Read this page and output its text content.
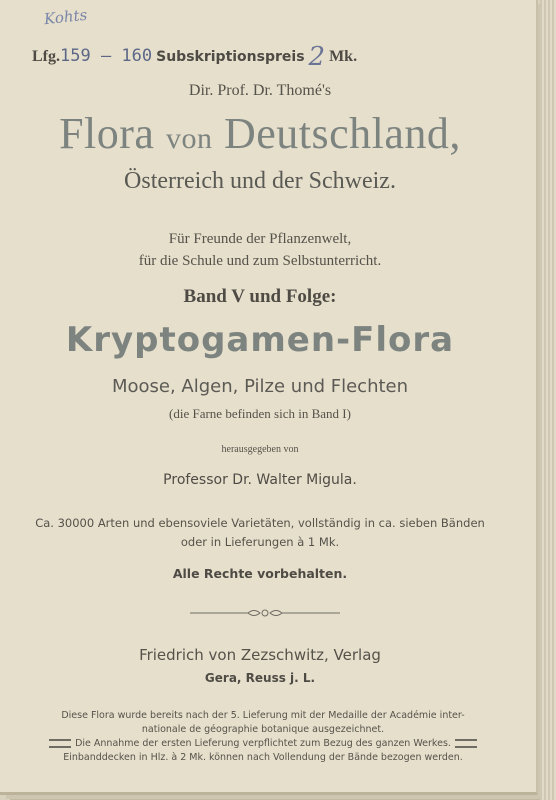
Kohts
Lfg.159 — 160 Subskriptionspreis 2 Mk.
Dir. Prof. Dr. Thomé's
Flora von Deutschland,
Österreich und der Schweiz.
Für Freunde der Pflanzenwelt,
für die Schule und zum Selbstunterricht.
Band V und Folge:
Kryptogamen-Flora
Moose, Algen, Pilze und Flechten
(die Farne befinden sich in Band I)
herausgegeben von
Professor Dr. Walter Migula.
Ca. 30000 Arten und ebensoviele Varietäten, vollständig in ca. sieben Bänden
oder in Lieferungen à 1 Mk.
Alle Rechte vorbehalten.
Friedrich von Zezschwitz, Verlag
Gera, Reuss j. L.
Diese Flora wurde bereits nach der 5. Lieferung mit der Medaille der Académie inter-
nationale de géographie botanique ausgezeichnet.
Die Annahme der ersten Lieferung verpflichtet zum Bezug des ganzen Werkes.
Einbanddecken in Hlz. à 2 Mk. können nach Vollendung der Bände bezogen werden.
